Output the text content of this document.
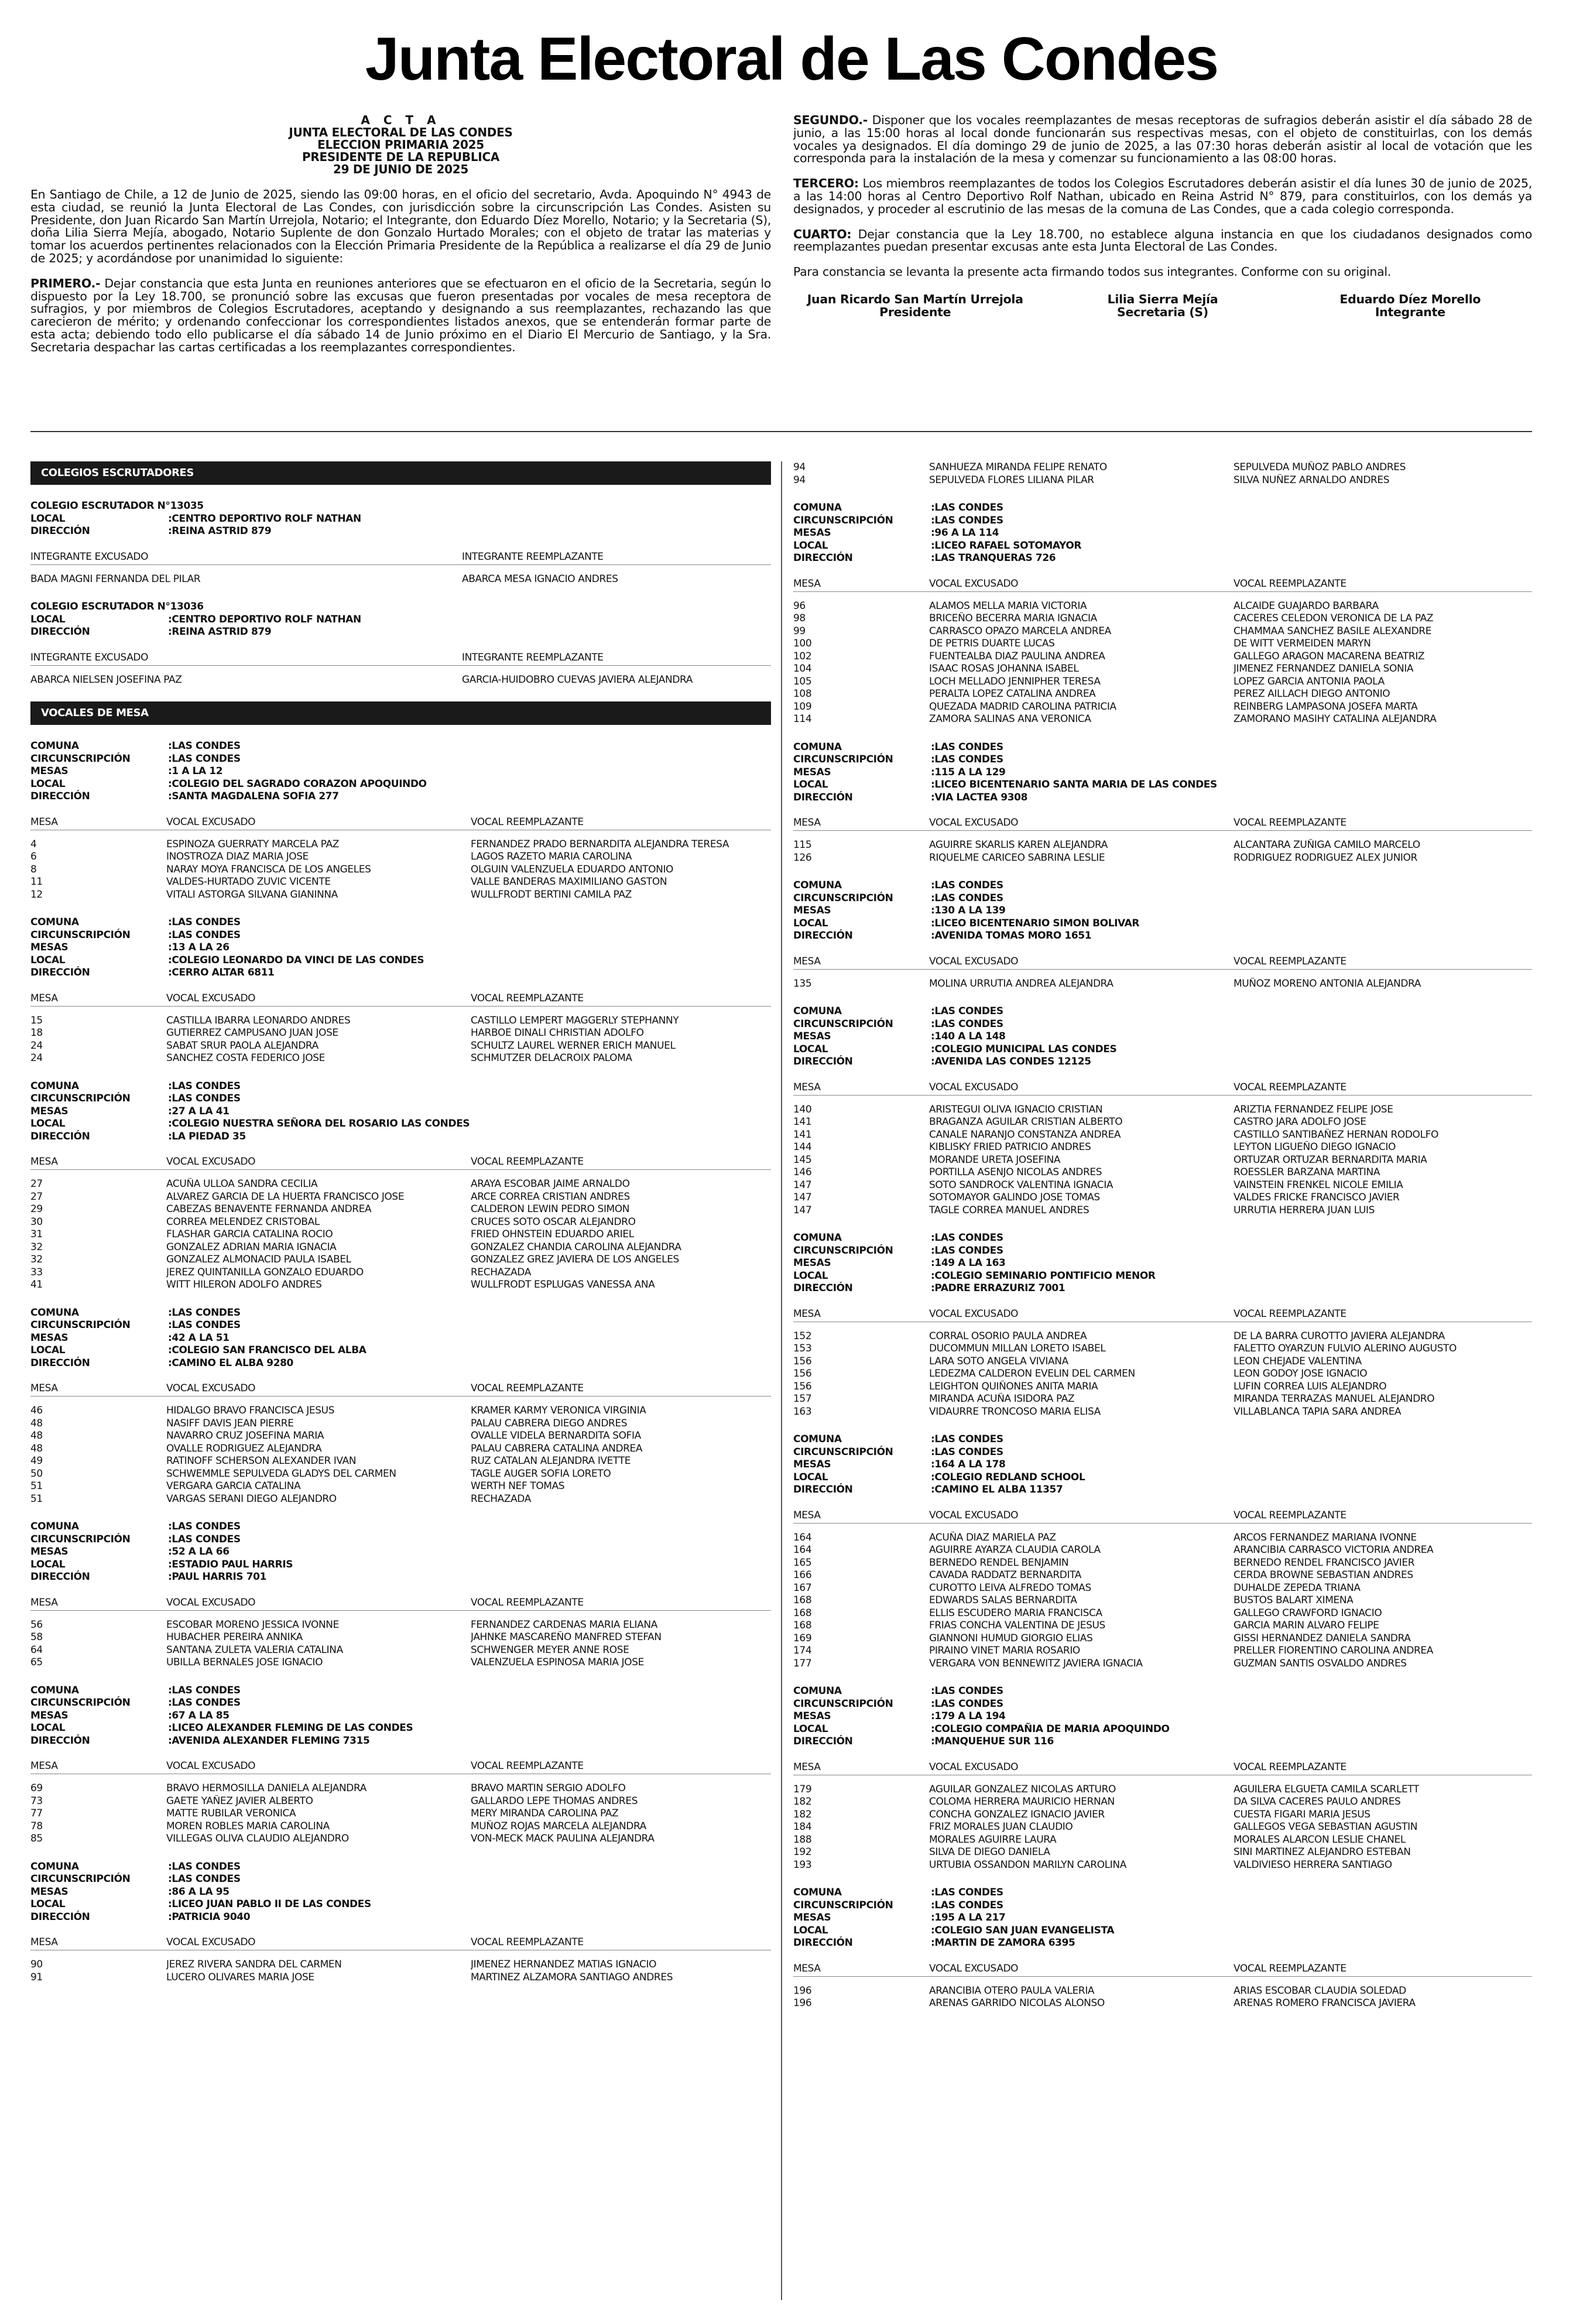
Junta Electoral de Las Condes
A C T A
JUNTA ELECTORAL DE LAS CONDES
ELECCION PRIMARIA 2025
PRESIDENTE DE LA REPUBLICA
29 DE JUNIO DE 2025

En Santiago de Chile, a 12 de Junio de 2025, siendo las 09:00 horas, en el oficio del secretario, Avda. Apoquindo N° 4943 de esta ciudad, se reunió la Junta Electoral de Las Condes, con jurisdicción sobre la circunscripción Las Condes. Asisten su Presidente, don Juan Ricardo San Martín Urrejola, Notario; el Integrante, don Eduardo Díez Morello, Notario; y la Secretaria (S), doña Lilia Sierra Mejía, abogado, Notario Suplente de don Gonzalo Hurtado Morales; con el objeto de tratar las materias y tomar los acuerdos pertinentes relacionados con la Elección Primaria Presidente de la República a realizarse el día 29 de Junio de 2025; y acordándose por unanimidad lo siguiente:

PRIMERO.- Dejar constancia que esta Junta en reuniones anteriores que se efectuaron en el oficio de la Secretaria, según lo dispuesto por la Ley 18.700, se pronunció sobre las excusas que fueron presentadas por vocales de mesa receptora de sufragios, y por miembros de Colegios Escrutadores, aceptando y designando a sus reemplazantes, rechazando las que carecieron de mérito; y ordenando confeccionar los correspondientes listados anexos, que se entenderán formar parte de esta acta; debiendo todo ello publicarse el día sábado 14 de Junio próximo en el Diario El Mercurio de Santiago, y la Sra. Secretaria despachar las cartas certificadas a los reemplazantes correspondientes.

SEGUNDO.- Disponer que los vocales reemplazantes de mesas receptoras de sufragios deberán asistir el día sábado 28 de junio, a las 15:00 horas al local donde funcionarán sus respectivas mesas, con el objeto de constituirlas, con los demás vocales ya designados. El día domingo 29 de junio de 2025, a las 07:30 horas deberán asistir al local de votación que les corresponda para la instalación de la mesa y comenzar su funcionamiento a las 08:00 horas.

TERCERO: Los miembros reemplazantes de todos los Colegios Escrutadores deberán asistir el día lunes 30 de junio de 2025, a las 14:00 horas al Centro Deportivo Rolf Nathan, ubicado en Reina Astrid N° 879, para constituirlos, con los demás ya designados, y proceder al escrutinio de las mesas de la comuna de Las Condes, que a cada colegio corresponda.

CUARTO: Dejar constancia que la Ley 18.700, no establece alguna instancia en que los ciudadanos designados como reemplazantes puedan presentar excusas ante esta Junta Electoral de Las Condes.

Para constancia se levanta la presente acta firmando todos sus integrantes. Conforme con su original.

Juan Ricardo San Martín Urrejola
Presidente
Lilia Sierra Mejía
Secretaria (S)
Eduardo Díez Morello
Integrante
COLEGIOS ESCRUTADORES
COLEGIO ESCRUTADOR N° 13035
LOCAL	:CENTRO DEPORTIVO ROLF NATHAN
DIRECCIÓN	:REINA ASTRID 879
INTEGRANTE EXCUSADO	INTEGRANTE REEMPLAZANTE
BADA MAGNI FERNANDA DEL PILAR	ABARCA MESA IGNACIO ANDRES
COLEGIO ESCRUTADOR N° 13036
LOCAL	:CENTRO DEPORTIVO ROLF NATHAN
DIRECCIÓN	:REINA ASTRID 879
INTEGRANTE EXCUSADO	INTEGRANTE REEMPLAZANTE
ABARCA NIELSEN JOSEFINA PAZ	GARCIA-HUIDOBRO CUEVAS JAVIERA ALEJANDRA
VOCALES DE MESA
COMUNA	:LAS CONDES
CIRCUNSCRIPCIÓN	:LAS CONDES
MESAS	:1 A LA 12
LOCAL	:COLEGIO DEL SAGRADO CORAZON APOQUINDO
DIRECCIÓN	:SANTA MAGDALENA SOFIA 277
MESA	VOCAL EXCUSADO	VOCAL REEMPLAZANTE
4	ESPINOZA GUERRATY MARCELA PAZ	FERNANDEZ PRADO BERNARDITA ALEJANDRA TERESA
6	INOSTROZA DIAZ MARIA JOSE	LAGOS RAZETO MARIA CAROLINA
8	NARAY MOYA FRANCISCA DE LOS ANGELES	OLGUIN VALENZUELA EDUARDO ANTONIO
11	VALDES-HURTADO ZUVIC VICENTE	VALLE BANDERAS MAXIMILIANO GASTON
12	VITALI ASTORGA SILVANA GIANINNA	WULLFRODT BERTINI CAMILA PAZ
COMUNA	:LAS CONDES
CIRCUNSCRIPCIÓN	:LAS CONDES
MESAS	:13 A LA 26
LOCAL	:COLEGIO LEONARDO DA VINCI DE LAS CONDES
DIRECCIÓN	:CERRO ALTAR 6811
MESA	VOCAL EXCUSADO	VOCAL REEMPLAZANTE
15	CASTILLA IBARRA LEONARDO ANDRES	CASTILLO LEMPERT MAGGERLY STEPHANNY
18	GUTIERREZ CAMPUSANO JUAN JOSE	HARBOE DINALI CHRISTIAN ADOLFO
24	SABAT SRUR PAOLA ALEJANDRA	SCHULTZ LAUREL WERNER ERICH MANUEL
24	SANCHEZ COSTA FEDERICO JOSE	SCHMUTZER DELACROIX PALOMA
COMUNA	:LAS CONDES
CIRCUNSCRIPCIÓN	:LAS CONDES
MESAS	:27 A LA 41
LOCAL	:COLEGIO NUESTRA SEÑORA DEL ROSARIO LAS CONDES
DIRECCIÓN	:LA PIEDAD 35
MESA	VOCAL EXCUSADO	VOCAL REEMPLAZANTE
27	ACUÑA ULLOA SANDRA CECILIA	ARAYA ESCOBAR JAIME ARNALDO
27	ALVAREZ GARCIA DE LA HUERTA FRANCISCO JOSE	ARCE CORREA CRISTIAN ANDRES
29	CABEZAS BENAVENTE FERNANDA ANDREA	CALDERON LEWIN PEDRO SIMON
30	CORREA MELENDEZ CRISTOBAL	CRUCES SOTO OSCAR ALEJANDRO
31	FLASHAR GARCIA CATALINA ROCIO	FRIED OHNSTEIN EDUARDO ARIEL
32	GONZALEZ ADRIAN MARIA IGNACIA	GONZALEZ CHANDIA CAROLINA ALEJANDRA
32	GONZALEZ ALMONACID PAULA ISABEL	GONZALEZ GREZ JAVIERA DE LOS ANGELES
33	JEREZ QUINTANILLA GONZALO EDUARDO	RECHAZADA
41	WITT HILERON ADOLFO ANDRES	WULLFRODT ESPLUGAS VANESSA ANA
COMUNA	:LAS CONDES
CIRCUNSCRIPCIÓN	:LAS CONDES
MESAS	:42 A LA 51
LOCAL	:COLEGIO SAN FRANCISCO DEL ALBA
DIRECCIÓN	:CAMINO EL ALBA 9280
MESA	VOCAL EXCUSADO	VOCAL REEMPLAZANTE
46	HIDALGO BRAVO FRANCISCA JESUS	KRAMER KARMY VERONICA VIRGINIA
48	NASIFF DAVIS JEAN PIERRE	PALAU CABRERA DIEGO ANDRES
48	NAVARRO CRUZ JOSEFINA MARIA	OVALLE VIDELA BERNARDITA SOFIA
48	OVALLE RODRIGUEZ ALEJANDRA	PALAU CABRERA CATALINA ANDREA
49	RATINOFF SCHERSON ALEXANDER IVAN	RUZ CATALAN ALEJANDRA IVETTE
50	SCHWEMMLE SEPULVEDA GLADYS DEL CARMEN	TAGLE AUGER SOFIA LORETO
51	VERGARA GARCIA CATALINA	WERTH NEF TOMAS
51	VARGAS SERANI DIEGO ALEJANDRO	RECHAZADA
COMUNA	:LAS CONDES
CIRCUNSCRIPCIÓN	:LAS CONDES
MESAS	:52 A LA 66
LOCAL	:ESTADIO PAUL HARRIS
DIRECCIÓN	:PAUL HARRIS 701
MESA	VOCAL EXCUSADO	VOCAL REEMPLAZANTE
56	ESCOBAR MORENO JESSICA IVONNE	FERNANDEZ CARDENAS MARIA ELIANA
58	HUBACHER PEREIRA ANNIKA	JAHNKE MASCAREÑO MANFRED STEFAN
64	SANTANA ZULETA VALERIA CATALINA	SCHWENGER MEYER ANNE ROSE
65	UBILLA BERNALES JOSE IGNACIO	VALENZUELA ESPINOSA MARIA JOSE
COMUNA	:LAS CONDES
CIRCUNSCRIPCIÓN	:LAS CONDES
MESAS	:67 A LA 85
LOCAL	:LICEO ALEXANDER FLEMING DE LAS CONDES
DIRECCIÓN	:AVENIDA ALEXANDER FLEMING 7315
MESA	VOCAL EXCUSADO	VOCAL REEMPLAZANTE
69	BRAVO HERMOSILLA DANIELA ALEJANDRA	BRAVO MARTIN SERGIO ADOLFO
73	GAETE YAÑEZ JAVIER ALBERTO	GALLARDO LEPE THOMAS ANDRES
77	MATTE RUBILAR VERONICA	MERY MIRANDA CAROLINA PAZ
78	MOREN ROBLES MARIA CAROLINA	MUÑOZ ROJAS MARCELA ALEJANDRA
85	VILLEGAS OLIVA CLAUDIO ALEJANDRO	VON-MECK MACK PAULINA ALEJANDRA
COMUNA	:LAS CONDES
CIRCUNSCRIPCIÓN	:LAS CONDES
MESAS	:86 A LA 95
LOCAL	:LICEO JUAN PABLO II DE LAS CONDES
DIRECCIÓN	:PATRICIA 9040
MESA	VOCAL EXCUSADO	VOCAL REEMPLAZANTE
90	JEREZ RIVERA SANDRA DEL CARMEN	JIMENEZ HERNANDEZ MATIAS IGNACIO
91	LUCERO OLIVARES MARIA JOSE	MARTINEZ ALZAMORA SANTIAGO ANDRES
94	SANHUEZA MIRANDA FELIPE RENATO	SEPULVEDA MUÑOZ PABLO ANDRES
94	SEPULVEDA FLORES LILIANA PILAR	SILVA NUÑEZ ARNALDO ANDRES
COMUNA	:LAS CONDES
CIRCUNSCRIPCIÓN	:LAS CONDES
MESAS	:96 A LA 114
LOCAL	:LICEO RAFAEL SOTOMAYOR
DIRECCIÓN	:LAS TRANQUERAS 726
MESA	VOCAL EXCUSADO	VOCAL REEMPLAZANTE
96	ALAMOS MELLA MARIA VICTORIA	ALCAIDE GUAJARDO BARBARA
98	BRICEÑO BECERRA MARIA IGNACIA	CACERES CELEDON VERONICA DE LA PAZ
99	CARRASCO OPAZO MARCELA ANDREA	CHAMMAA SANCHEZ BASILE ALEXANDRE
100	DE PETRIS DUARTE LUCAS	DE WITT VERMEIDEN MARYN
102	FUENTEALBA DIAZ PAULINA ANDREA	GALLEGO ARAGON MACARENA BEATRIZ
104	ISAAC ROSAS JOHANNA ISABEL	JIMENEZ FERNANDEZ DANIELA SONIA
105	LOCH MELLADO JENNIPHER TERESA	LOPEZ GARCIA ANTONIA PAOLA
108	PERALTA LOPEZ CATALINA ANDREA	PEREZ AILLACH DIEGO ANTONIO
109	QUEZADA MADRID CAROLINA PATRICIA	REINBERG LAMPASONA JOSEFA MARTA
114	ZAMORA SALINAS ANA VERONICA	ZAMORANO MASIHY CATALINA ALEJANDRA
COMUNA	:LAS CONDES
CIRCUNSCRIPCIÓN	:LAS CONDES
MESAS	:115 A LA 129
LOCAL	:LICEO BICENTENARIO SANTA MARIA DE LAS CONDES
DIRECCIÓN	:VIA LACTEA 9308
MESA	VOCAL EXCUSADO	VOCAL REEMPLAZANTE
115	AGUIRRE SKARLIS KAREN ALEJANDRA	ALCANTARA ZUÑIGA CAMILO MARCELO
126	RIQUELME CARICEO SABRINA LESLIE	RODRIGUEZ RODRIGUEZ ALEX JUNIOR
COMUNA	:LAS CONDES
CIRCUNSCRIPCIÓN	:LAS CONDES
MESAS	:130 A LA 139
LOCAL	:LICEO BICENTENARIO SIMON BOLIVAR
DIRECCIÓN	:AVENIDA TOMAS MORO 1651
MESA	VOCAL EXCUSADO	VOCAL REEMPLAZANTE
135	MOLINA URRUTIA ANDREA ALEJANDRA	MUÑOZ MORENO ANTONIA ALEJANDRA
COMUNA	:LAS CONDES
CIRCUNSCRIPCIÓN	:LAS CONDES
MESAS	:140 A LA 148
LOCAL	:COLEGIO MUNICIPAL LAS CONDES
DIRECCIÓN	:AVENIDA LAS CONDES 12125
MESA	VOCAL EXCUSADO	VOCAL REEMPLAZANTE
140	ARISTEGUI OLIVA IGNACIO CRISTIAN	ARIZTIA FERNANDEZ FELIPE JOSE
141	BRAGANZA AGUILAR CRISTIAN ALBERTO	CASTRO JARA ADOLFO JOSE
141	CANALE NARANJO CONSTANZA ANDREA	CASTILLO SANTIBAÑEZ HERNAN RODOLFO
144	KIBLISKY FRIED PATRICIO ANDRES	LEYTON LIGUEÑO DIEGO IGNACIO
145	MORANDE URETA JOSEFINA	ORTUZAR ORTUZAR BERNARDITA MARIA
146	PORTILLA ASENJO NICOLAS ANDRES	ROESSLER BARZANA MARTINA
147	SOTO SANDROCK VALENTINA IGNACIA	VAINSTEIN FRENKEL NICOLE EMILIA
147	SOTOMAYOR GALINDO JOSE TOMAS	VALDES FRICKE FRANCISCO JAVIER
147	TAGLE CORREA MANUEL ANDRES	URRUTIA HERRERA JUAN LUIS
COMUNA	:LAS CONDES
CIRCUNSCRIPCIÓN	:LAS CONDES
MESAS	:149 A LA 163
LOCAL	:COLEGIO SEMINARIO PONTIFICIO MENOR
DIRECCIÓN	:PADRE ERRAZURIZ 7001
MESA	VOCAL EXCUSADO	VOCAL REEMPLAZANTE
152	CORRAL OSORIO PAULA ANDREA	DE LA BARRA CUROTTO JAVIERA ALEJANDRA
153	DUCOMMUN MILLAN LORETO ISABEL	FALETTO OYARZUN FULVIO ALERINO AUGUSTO
156	LARA SOTO ANGELA VIVIANA	LEON CHEJADE VALENTINA
156	LEDEZMA CALDERON EVELIN DEL CARMEN	LEON GODOY JOSE IGNACIO
156	LEIGHTON QUIÑONES ANITA MARIA	LUFIN CORREA LUIS ALEJANDRO
157	MIRANDA ACUÑA ISIDORA PAZ	MIRANDA TERRAZAS MANUEL ALEJANDRO
163	VIDAURRE TRONCOSO MARIA ELISA	VILLABLANCA TAPIA SARA ANDREA
COMUNA	:LAS CONDES
CIRCUNSCRIPCIÓN	:LAS CONDES
MESAS	:164 A LA 178
LOCAL	:COLEGIO REDLAND SCHOOL
DIRECCIÓN	:CAMINO EL ALBA 11357
MESA	VOCAL EXCUSADO	VOCAL REEMPLAZANTE
164	ACUÑA DIAZ MARIELA PAZ	ARCOS FERNANDEZ MARIANA IVONNE
164	AGUIRRE AYARZA CLAUDIA CAROLA	ARANCIBIA CARRASCO VICTORIA ANDREA
165	BERNEDO RENDEL BENJAMIN	BERNEDO RENDEL FRANCISCO JAVIER
166	CAVADA RADDATZ BERNARDITA	CERDA BROWNE SEBASTIAN ANDRES
167	CUROTTO LEIVA ALFREDO TOMAS	DUHALDE ZEPEDA TRIANA
168	EDWARDS SALAS BERNARDITA	BUSTOS BALART XIMENA
168	ELLIS ESCUDERO MARIA FRANCISCA	GALLEGO CRAWFORD IGNACIO
168	FRIAS CONCHA VALENTINA DE JESUS	GARCIA MARIN ALVARO FELIPE
169	GIANNONI HUMUD GIORGIO ELIAS	GISSI HERNANDEZ DANIELA SANDRA
174	PIRAINO VINET MARIA ROSARIO	PRELLER FIORENTINO CAROLINA ANDREA
177	VERGARA VON BENNEWITZ JAVIERA IGNACIA	GUZMAN SANTIS OSVALDO ANDRES
COMUNA	:LAS CONDES
CIRCUNSCRIPCIÓN	:LAS CONDES
MESAS	:179 A LA 194
LOCAL	:COLEGIO COMPAÑIA DE MARIA APOQUINDO
DIRECCIÓN	:MANQUEHUE SUR 116
MESA	VOCAL EXCUSADO	VOCAL REEMPLAZANTE
179	AGUILAR GONZALEZ NICOLAS ARTURO	AGUILERA ELGUETA CAMILA SCARLETT
182	COLOMA HERRERA MAURICIO HERNAN	DA SILVA CACERES PAULO ANDRES
182	CONCHA GONZALEZ IGNACIO JAVIER	CUESTA FIGARI MARIA JESUS
184	FRIZ MORALES JUAN CLAUDIO	GALLEGOS VEGA SEBASTIAN AGUSTIN
188	MORALES AGUIRRE LAURA	MORALES ALARCON LESLIE CHANEL
192	SILVA DE DIEGO DANIELA	SINI MARTINEZ ALEJANDRO ESTEBAN
193	URTUBIA OSSANDON MARILYN CAROLINA	VALDIVIESO HERRERA SANTIAGO
COMUNA	:LAS CONDES
CIRCUNSCRIPCIÓN	:LAS CONDES
MESAS	:195 A LA 217
LOCAL	:COLEGIO SAN JUAN EVANGELISTA
DIRECCIÓN	:MARTIN DE ZAMORA 6395
MESA	VOCAL EXCUSADO	VOCAL REEMPLAZANTE
196	ARANCIBIA OTERO PAULA VALERIA	ARIAS ESCOBAR CLAUDIA SOLEDAD
196	ARENAS GARRIDO NICOLAS ALONSO	ARENAS ROMERO FRANCISCA JAVIERA
